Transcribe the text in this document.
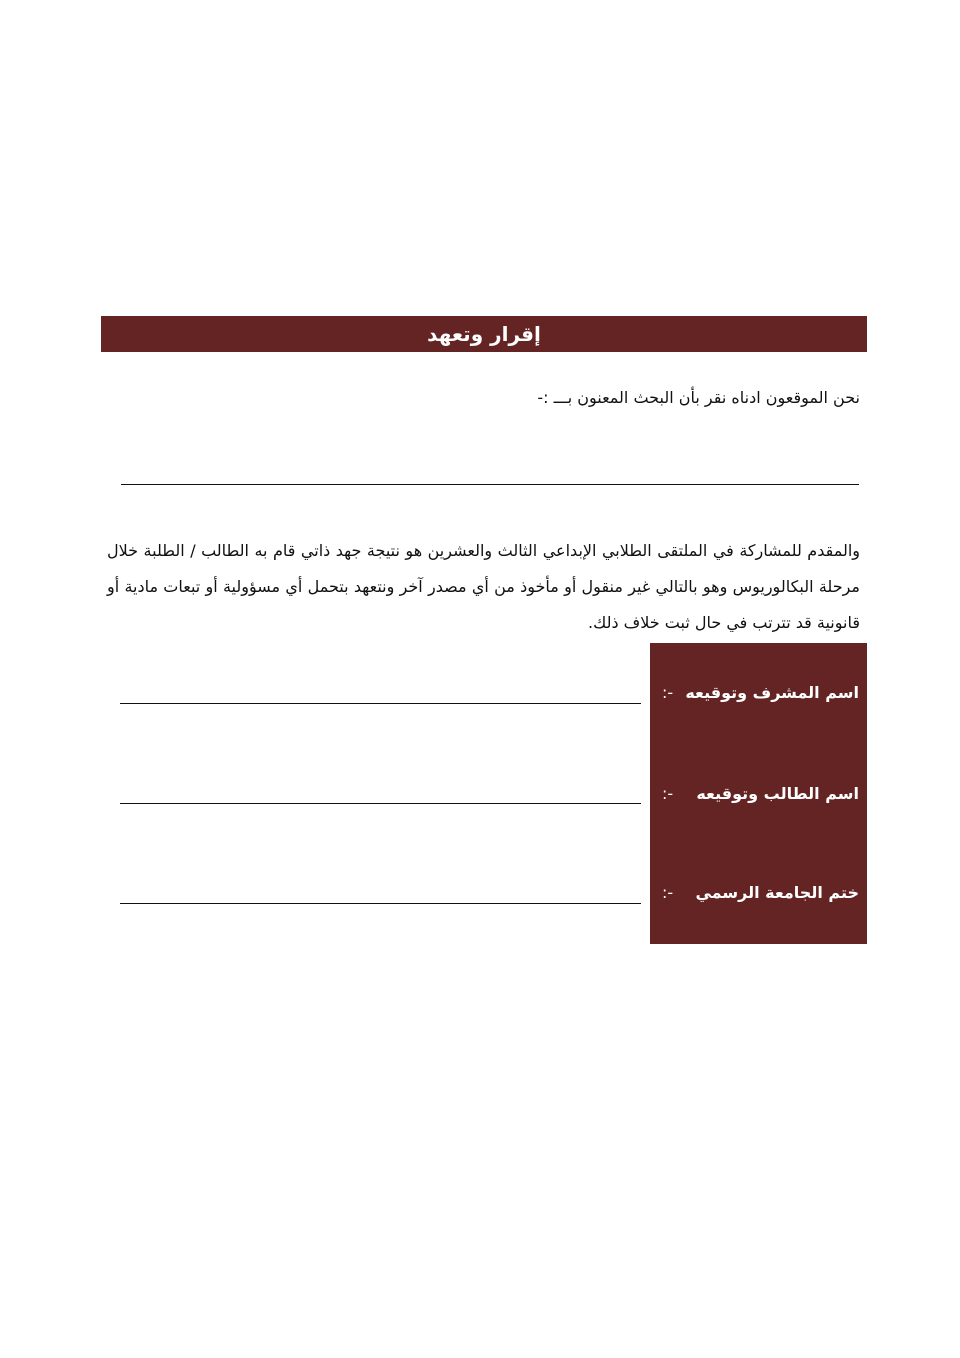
إقرار وتعهد
نحن الموقعون ادناه نقر بأن البحث المعنون بـــ :-
والمقدم للمشاركة في الملتقى الطلابي الإبداعي الثالث والعشرين هو نتيجة جهد ذاتي قام به الطالب / الطلبة خلال مرحلة البكالوريوس وهو بالتالي غير منقول أو مأخوذ من أي مصدر آخر ونتعهد بتحمل أي مسؤولية أو تبعات مادية أو قانونية قد تترتب في حال ثبت خلاف ذلك.
اسم المشرف وتوقيعه
:-
اسم الطالب وتوقيعه
:-
ختم الجامعة الرسمي
:-
